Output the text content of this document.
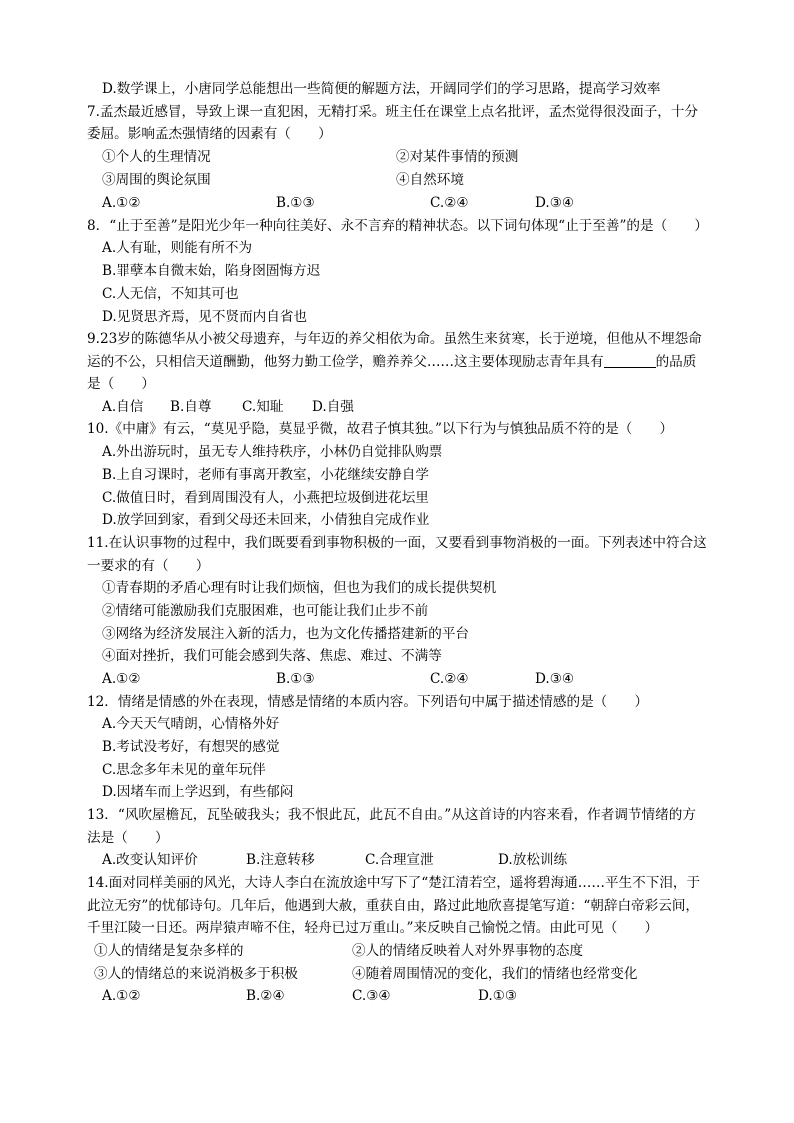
D.数学课上，小唐同学总能想出一些简便的解题方法，开阔同学们的学习思路，提高学习效率
7.孟杰最近感冒，导致上课一直犯困，无精打采。班主任在课堂上点名批评，孟杰觉得很没面子，十分
委屈。影响孟杰强情绪的因素有（　　）
①个人的生理情况	②对某件事情的预测
③周围的舆论氛围	④自然环境
A.①②	B.①③	C.②④	D.③④
8．“止于至善”是阳光少年一种向往美好、永不言弃的精神状态。以下词句体现“止于至善”的是（　　）
A.人有耻，则能有所不为
B.罪孽本自微末始，陷身囹圄悔方迟
C.人无信，不知其可也
D.见贤思齐焉，见不贤而内自省也
9.23岁的陈德华从小被父母遗弃，与年迈的养父相依为命。虽然生来贫寒，长于逆境，但他从不埋怨命
运的不公，只相信天道酬勤，他努力勤工俭学，赡养养父……这主要体现励志青年具有	的品质
是（　　）
A.自信 B.自尊 C.知耻 D.自强
10.《中庸》有云，“莫见乎隐，莫显乎微，故君子慎其独。”以下行为与慎独品质不符的是（　　）
A.外出游玩时，虽无专人维持秩序，小林仍自觉排队购票
B.上自习课时，老师有事离开教室，小花继续安静自学
C.做值日时，看到周围没有人，小燕把垃圾倒进花坛里
D.放学回到家，看到父母还未回来，小倩独自完成作业
11.在认识事物的过程中，我们既要看到事物积极的一面，又要看到事物消极的一面。下列表述中符合这
一要求的有（　　）
①青春期的矛盾心理有时让我们烦恼，但也为我们的成长提供契机
②情绪可能激励我们克服困难，也可能让我们止步不前
③网络为经济发展注入新的活力，也为文化传播搭建新的平台
④面对挫折，我们可能会感到失落、焦虑、难过、不满等
A.①②	B.①③	C.②④	D.③④
12．情绪是情感的外在表现，情感是情绪的本质内容。下列语句中属于描述情感的是（　　）
A.今天天气晴朗，心情格外好
B.考试没考好，有想哭的感觉
C.思念多年未见的童年玩伴
D.因堵车而上学迟到，有些郁闷
13．“风吹屋檐瓦，瓦坠破我头；我不恨此瓦，此瓦不自由。”从这首诗的内容来看，作者调节情绪的方
法是（　　）
A.改变认知评价	B.注意转移	C.合理宣泄	D.放松训练
14.面对同样美丽的风光，大诗人李白在流放途中写下了“楚江清若空，遥将碧海通……平生不下泪，于
此泣无穷”的忧郁诗句。几年后，他遇到大赦，重获自由，路过此地欣喜提笔写道：“朝辞白帝彩云间，
千里江陵一日还。两岸猿声啼不住，轻舟已过万重山。”来反映自己愉悦之情。由此可见（　　）
①人的情绪是复杂多样的	②人的情绪反映着人对外界事物的态度
③人的情绪总的来说消极多于积极	④随着周围情况的变化，我们的情绪也经常变化
A.①②	B.②④	C.③④	D.①③
